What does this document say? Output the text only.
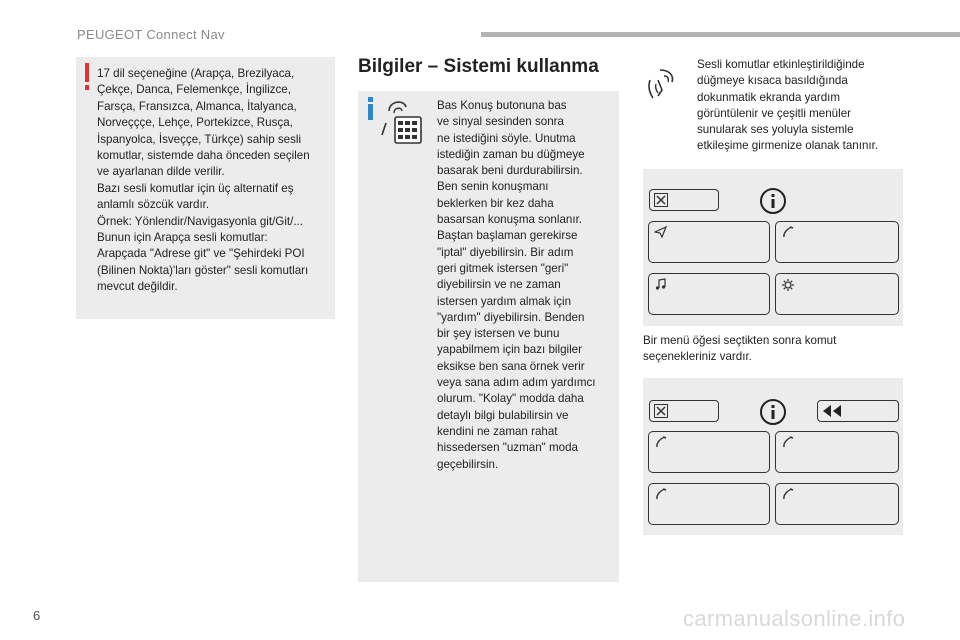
PEUGEOT Connect Nav
17 dil seçeneğine (Arapça, Brezilyaca,
Çekçe, Danca, Felemenkçe, İngilizce,
Farsça, Fransızca, Almanca, İtalyanca,
Norveçççe, Lehçe, Portekizce, Rusça,
İspanyolca, İsveççe, Türkçe) sahip sesli
komutlar, sistemde daha önceden seçilen
ve ayarlanan dilde verilir.
Bazı sesli komutlar için üç alternatif eş
anlamlı sözcük vardır.
Örnek: Yönlendir/Navigasyonla git/Git/...
Bunun için Arapça sesli komutlar:
Arapçada "Adrese git" ve "Şehirdeki POI
(Bilinen Nokta)'ları göster" sesli komutları
mevcut değildir.
Bilgiler – Sistemi kullanma
Bas Konuş butonuna bas
ve sinyal sesinden sonra
ne istediğini söyle. Unutma
istediğin zaman bu düğmeye
basarak beni durdurabilirsin.
Ben senin konuşmanı
beklerken bir kez daha
basarsan konuşma sonlanır.
Baştan başlaman gerekirse
"iptal" diyebilirsin. Bir adım
geri gitmek istersen "geri"
diyebilirsin ve ne zaman
istersen yardım almak için
"yardım" diyebilirsin. Benden
bir şey istersen ve bunu
yapabilmem için bazı bilgiler
eksikse ben sana örnek verir
veya sana adım adım yardımcı
olurum. "Kolay" modda daha
detaylı bilgi bulabilirsin ve
kendini ne zaman rahat
hissedersen "uzman" moda
geçebilirsin.
Sesli komutlar etkinleştirildiğinde
düğmeye kısaca basıldığında
dokunmatik ekranda yardım
görüntülenir ve çeşitli menüler
sunularak ses yoluyla sistemle
etkileşime girmenize olanak tanınır.
Bir menü öğesi seçtikten sonra komut
seçenekleriniz vardır.
6	carmanualsonline.info
